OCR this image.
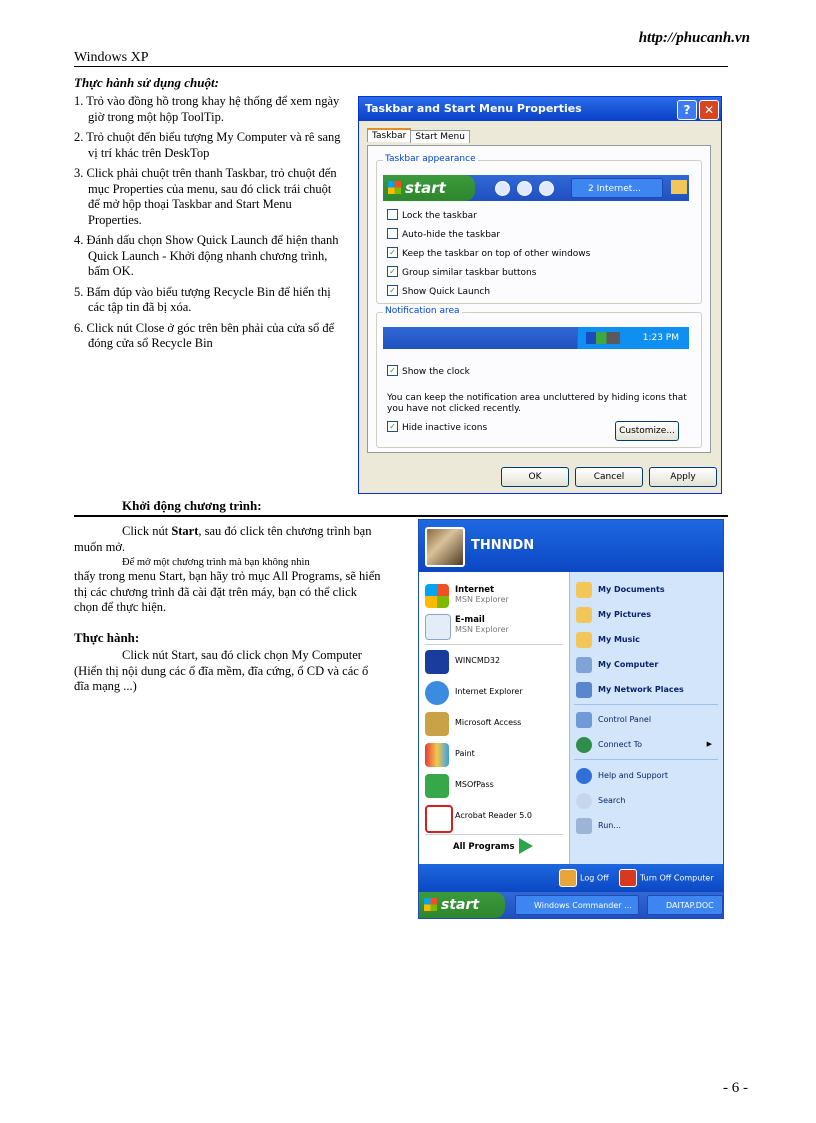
http://phucanh.vn
Windows XP
Thực hành sử dụng chuột:
1. Trỏ vào đồng hồ trong khay hệ thống để xem ngày giờ trong một hộp ToolTip.
2. Trỏ chuột đến biểu tượng My Computer và rê sang vị trí khác trên DeskTop
3. Click phải chuột trên thanh Taskbar, trỏ chuột đến mục Properties của menu, sau đó click trái chuột để mở hộp thoại Taskbar and Start Menu Properties.
4. Đánh dấu chọn Show Quick Launch để hiện thanh Quick Launch - Khởi động nhanh chương trình, bấm OK.
5. Bấm đúp vào biểu tượng Recycle Bin để hiển thị các tập tin đã bị xóa.
6. Click nút Close ở góc trên bên phải của cửa sổ để đóng cửa sổ Recycle Bin
Taskbar and Start Menu Properties	?	✕
Taskbar Start Menu
Taskbar appearance
start	2 Internet...
Lock the taskbar
Auto-hide the taskbar
✓ Keep the taskbar on top of other windows
✓ Group similar taskbar buttons
✓ Show Quick Launch
Notification area
1:23 PM
✓ Show the clock
You can keep the notification area uncluttered by hiding icons that you have not clicked recently.
✓ Hide inactive icons	Customize...
OK	Cancel	Apply
Khởi động chương trình:
Click nút Start, sau đó click tên chương trình bạn muốn mở.
Để mở một chương trình mà bạn không nhìn
thấy trong menu Start, bạn hãy trỏ mục All Programs, sẽ hiển thị các chương trình đã cài đặt trên máy, bạn có thể click chọn để thực hiện.
Thực hành:
Click nút Start, sau đó click chọn My Computer (Hiển thị nội dung các ổ đĩa mềm, đĩa cứng, ổ CD và các ổ đĩa mạng ...)
THNNDN
Internet
MSN Explorer
E-mail
MSN Explorer
WINCMD32
Internet Explorer
Microsoft Access
Paint
MSOfPass
Acrobat Reader 5.0
All Programs
My Documents
My Pictures
My Music
My Computer
My Network Places
Control Panel
Connect To	▶
Help and Support
Search
Run...
Log Off	Turn Off Computer
start	Windows Commander ...	DAITAP.DOC
- 6 -
